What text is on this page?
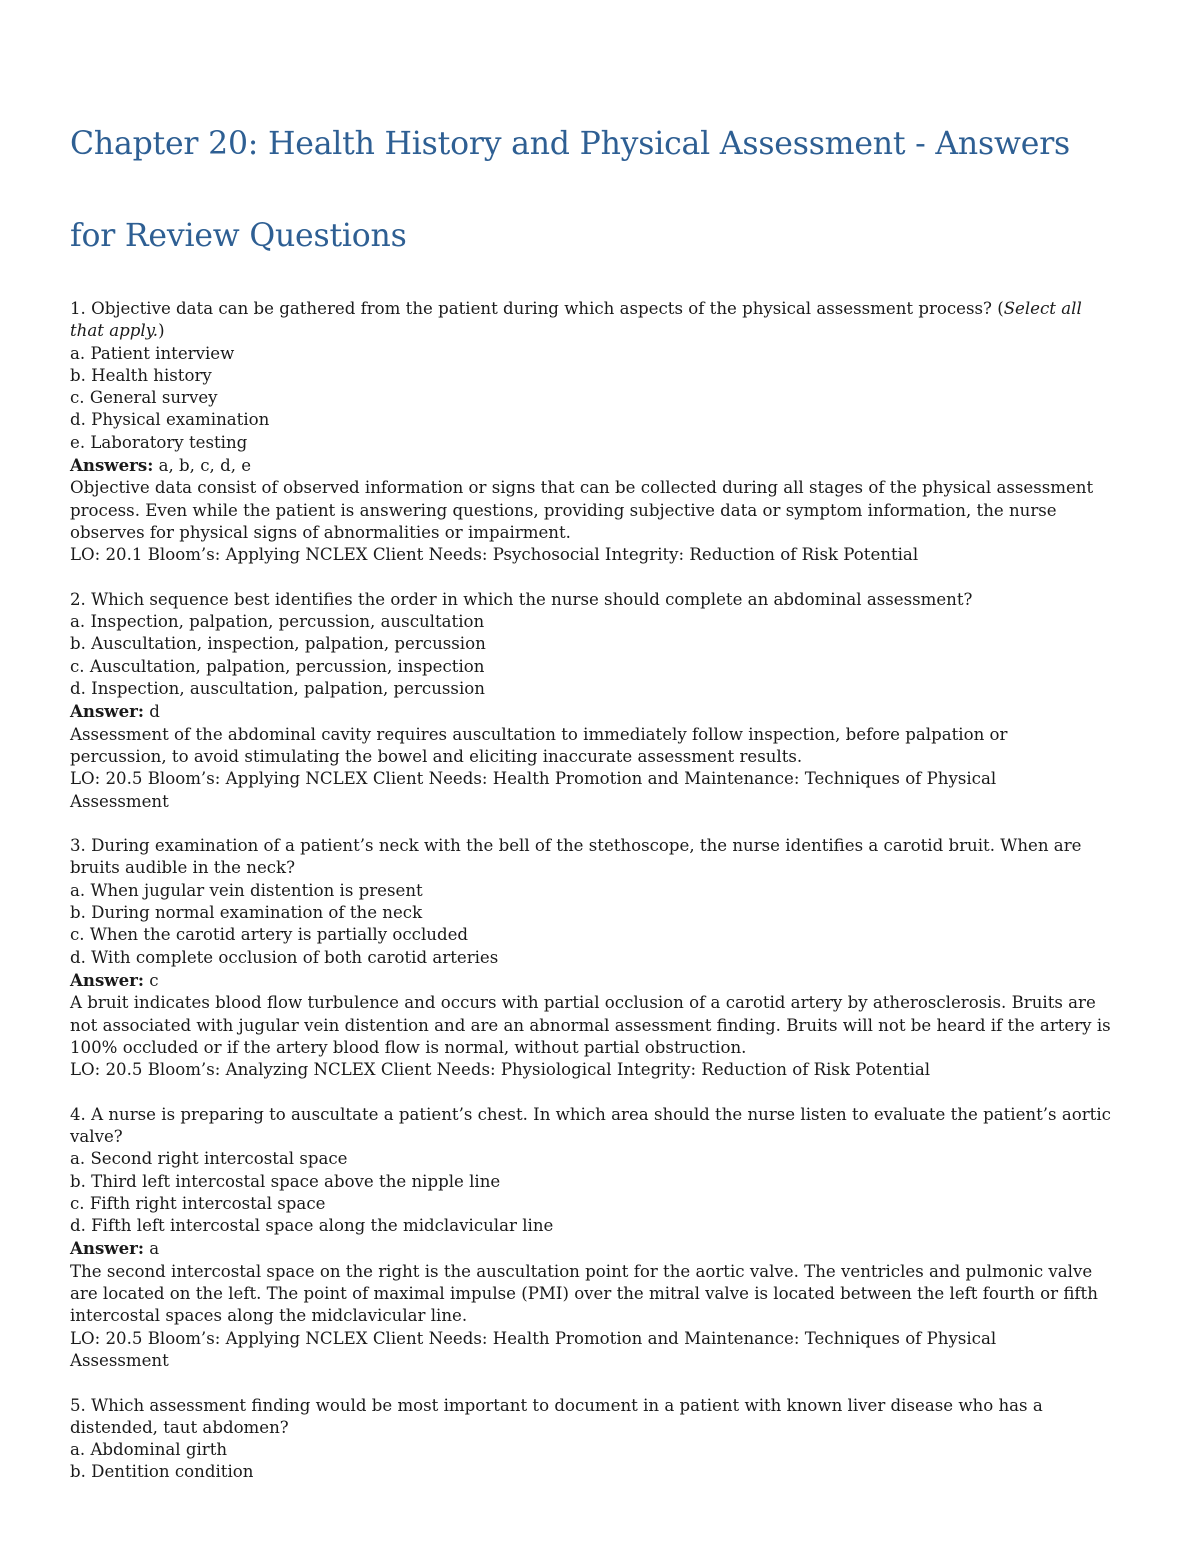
Chapter 20: Health History and Physical Assessment - Answers
for Review Questions
1. Objective data can be gathered from the patient during which aspects of the physical assessment process? (Select all
that apply.)
a. Patient interview
b. Health history
c. General survey
d. Physical examination
e. Laboratory testing
Answers: a, b, c, d, e
Objective data consist of observed information or signs that can be collected during all stages of the physical assessment
process. Even while the patient is answering questions, providing subjective data or symptom information, the nurse
observes for physical signs of abnormalities or impairment.
LO: 20.1 Bloom’s: Applying NCLEX Client Needs: Psychosocial Integrity: Reduction of Risk Potential
2. Which sequence best identifies the order in which the nurse should complete an abdominal assessment?
a. Inspection, palpation, percussion, auscultation
b. Auscultation, inspection, palpation, percussion
c. Auscultation, palpation, percussion, inspection
d. Inspection, auscultation, palpation, percussion
Answer: d
Assessment of the abdominal cavity requires auscultation to immediately follow inspection, before palpation or
percussion, to avoid stimulating the bowel and eliciting inaccurate assessment results.
LO: 20.5 Bloom’s: Applying NCLEX Client Needs: Health Promotion and Maintenance: Techniques of Physical
Assessment
3. During examination of a patient’s neck with the bell of the stethoscope, the nurse identifies a carotid bruit. When are
bruits audible in the neck?
a. When jugular vein distention is present
b. During normal examination of the neck
c. When the carotid artery is partially occluded
d. With complete occlusion of both carotid arteries
Answer: c
A bruit indicates blood flow turbulence and occurs with partial occlusion of a carotid artery by atherosclerosis. Bruits are
not associated with jugular vein distention and are an abnormal assessment finding. Bruits will not be heard if the artery is
100% occluded or if the artery blood flow is normal, without partial obstruction.
LO: 20.5 Bloom’s: Analyzing NCLEX Client Needs: Physiological Integrity: Reduction of Risk Potential
4. A nurse is preparing to auscultate a patient’s chest. In which area should the nurse listen to evaluate the patient’s aortic
valve?
a. Second right intercostal space
b. Third left intercostal space above the nipple line
c. Fifth right intercostal space
d. Fifth left intercostal space along the midclavicular line
Answer: a
The second intercostal space on the right is the auscultation point for the aortic valve. The ventricles and pulmonic valve
are located on the left. The point of maximal impulse (PMI) over the mitral valve is located between the left fourth or fifth
intercostal spaces along the midclavicular line.
LO: 20.5 Bloom’s: Applying NCLEX Client Needs: Health Promotion and Maintenance: Techniques of Physical
Assessment
5. Which assessment finding would be most important to document in a patient with known liver disease who has a
distended, taut abdomen?
a. Abdominal girth
b. Dentition condition
